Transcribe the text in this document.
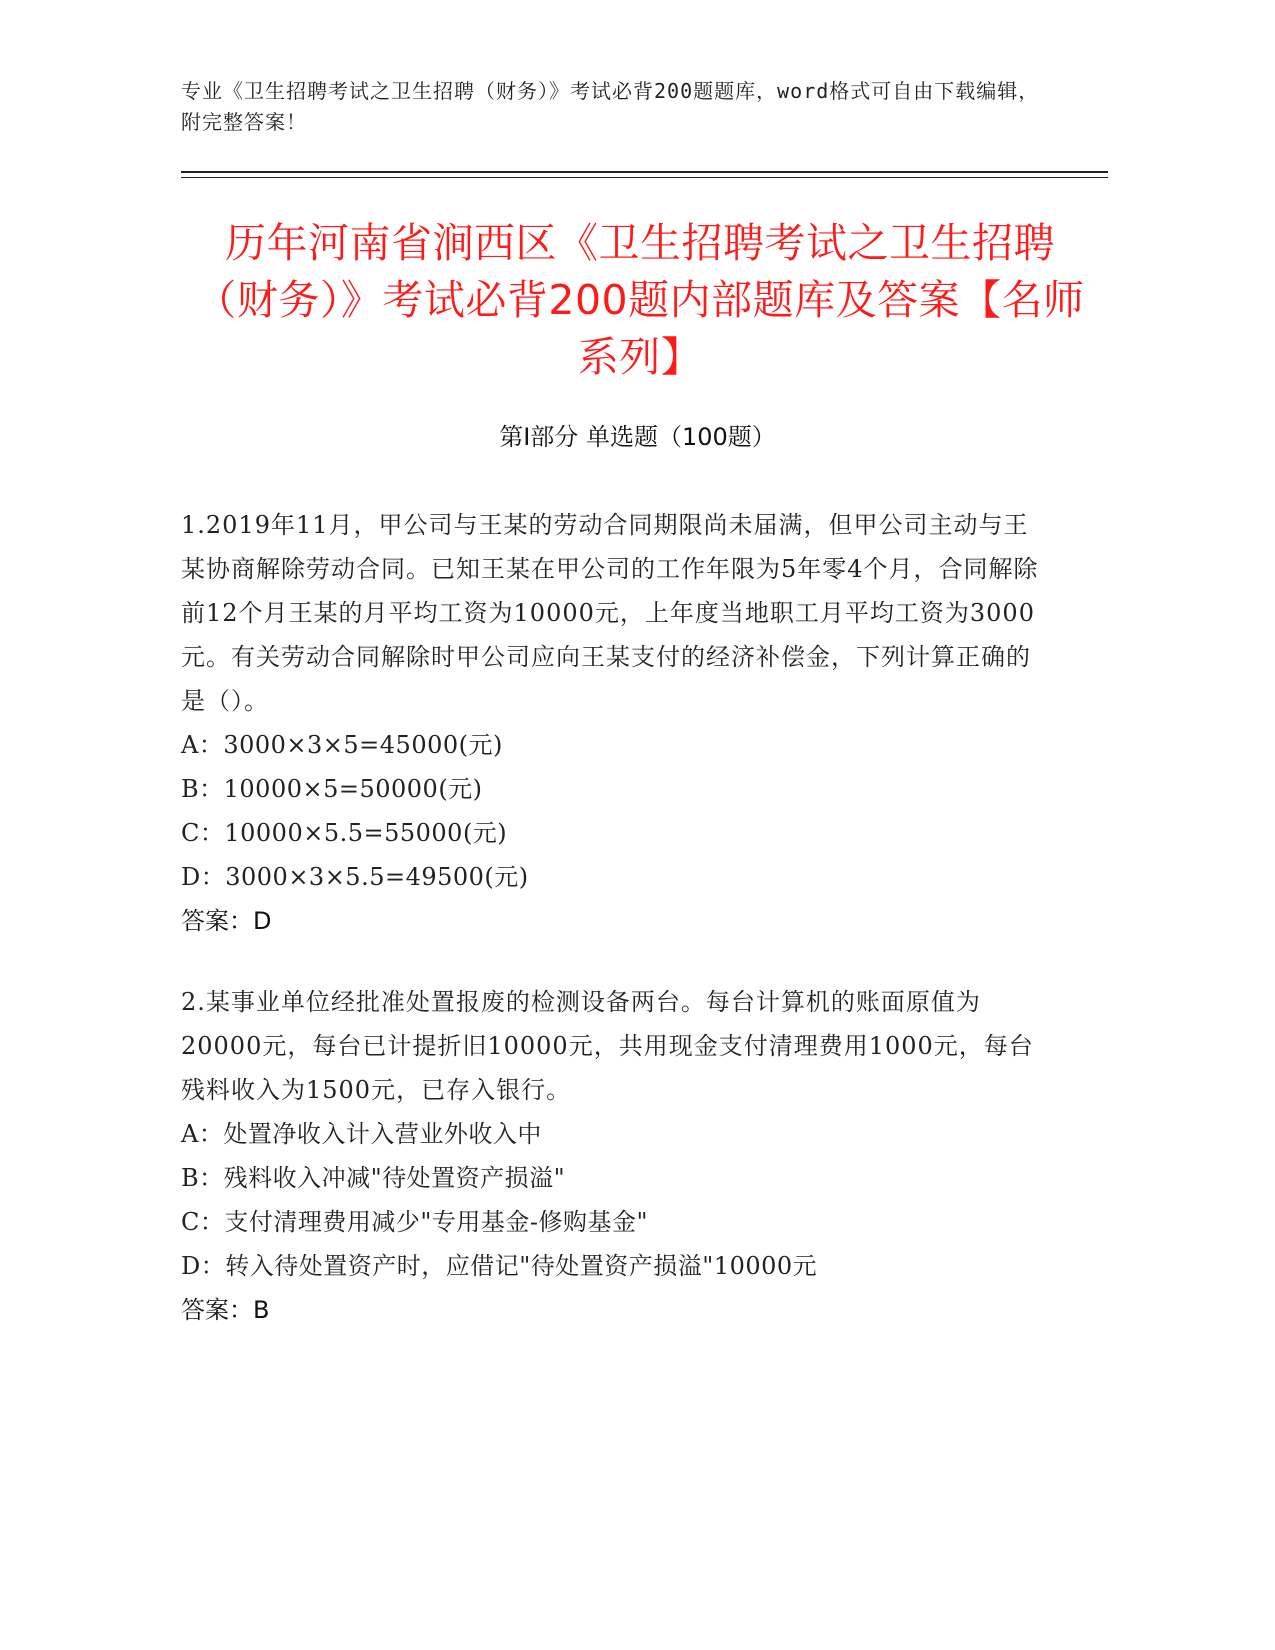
专业《卫生招聘考试之卫生招聘（财务）》考试必背200题题库，word格式可自由下载编辑，附完整答案！
历年河南省涧西区《卫生招聘考试之卫生招聘（财务）》考试必背200题内部题库及答案【名师系列】
第I部分 单选题（100题）
1.2019年11月，甲公司与王某的劳动合同期限尚未届满，但甲公司主动与王某协商解除劳动合同。已知王某在甲公司的工作年限为5年零4个月，合同解除前12个月王某的月平均工资为10000元，上年度当地职工月平均工资为3000元。有关劳动合同解除时甲公司应向王某支付的经济补偿金，下列计算正确的是（）。
A：3000×3×5=45000(元)
B：10000×5=50000(元)
C：10000×5.5=55000(元)
D：3000×3×5.5=49500(元)
答案：D
2.某事业单位经批准处置报废的检测设备两台。每台计算机的账面原值为20000元，每台已计提折旧10000元，共用现金支付清理费用1000元，每台残料收入为1500元，已存入银行。
A：处置净收入计入营业外收入中
B：残料收入冲减"待处置资产损溢"
C：支付清理费用减少"专用基金-修购基金"
D：转入待处置资产时，应借记"待处置资产损溢"10000元
答案：B
